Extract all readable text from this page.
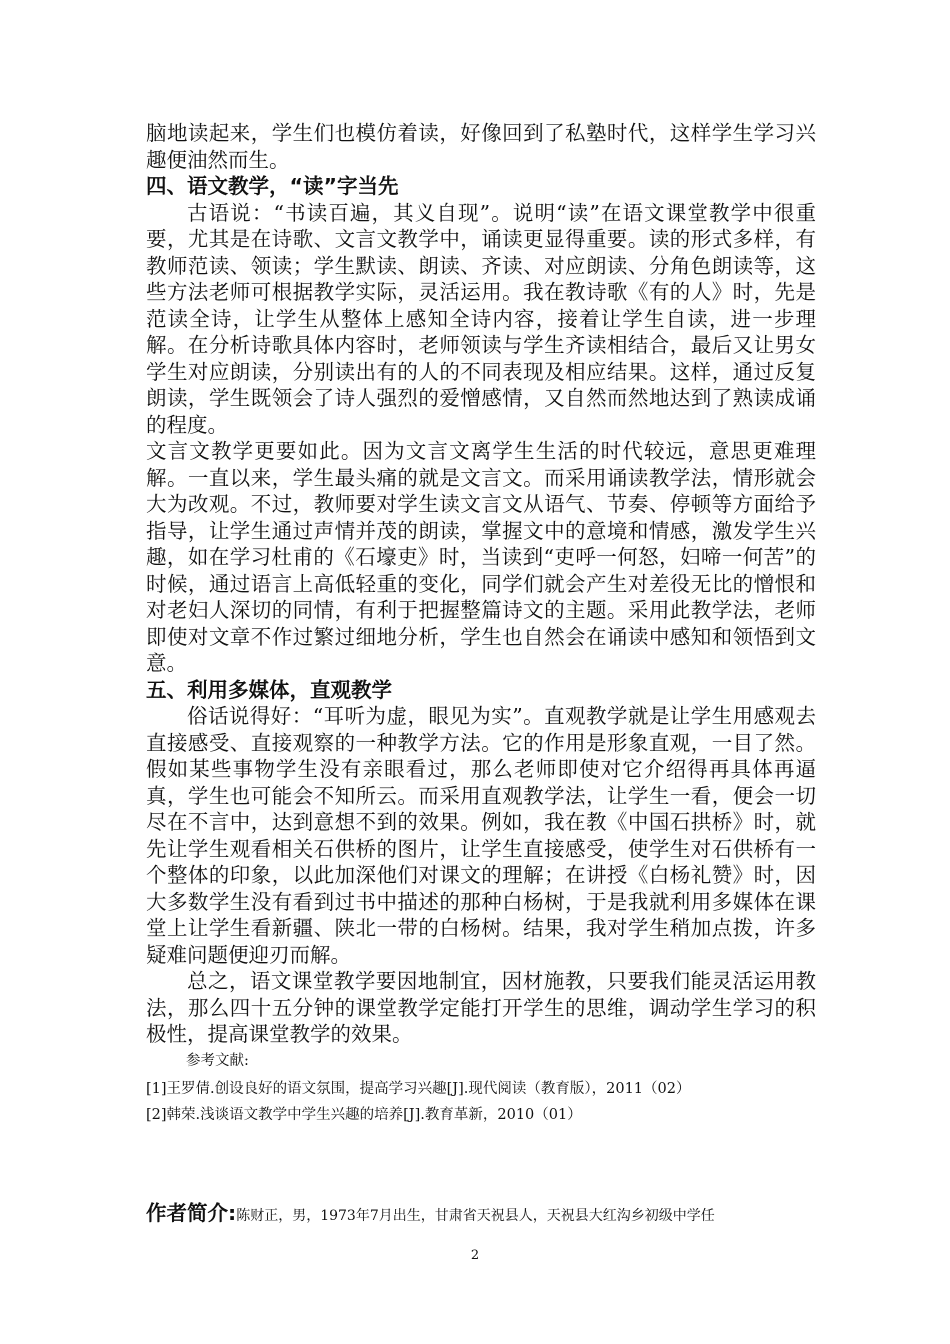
脑地读起来，学生们也模仿着读，好像回到了私塾时代，这样学生学习兴趣便油然而生。

四、语文教学，“读”字当先

古语说：“书读百遍，其义自现”。说明“读”在语文课堂教学中很重要，尤其是在诗歌、文言文教学中，诵读更显得重要。读的形式多样，有教师范读、领读；学生默读、朗读、齐读、对应朗读、分角色朗读等，这些方法老师可根据教学实际，灵活运用。我在教诗歌《有的人》时，先是范读全诗，让学生从整体上感知全诗内容，接着让学生自读，进一步理解。在分析诗歌具体内容时，老师领读与学生齐读相结合，最后又让男女学生对应朗读，分别读出有的人的不同表现及相应结果。这样，通过反复朗读，学生既领会了诗人强烈的爱憎感情，又自然而然地达到了熟读成诵的程度。

文言文教学更要如此。因为文言文离学生生活的时代较远，意思更难理解。一直以来，学生最头痛的就是文言文。而采用诵读教学法，情形就会大为改观。不过，教师要对学生读文言文从语气、节奏、停顿等方面给予指导，让学生通过声情并茂的朗读，掌握文中的意境和情感，激发学生兴趣，如在学习杜甫的《石壕吏》时，当读到“吏呼一何怒，妇啼一何苦”的时候，通过语言上高低轻重的变化，同学们就会产生对差役无比的憎恨和对老妇人深切的同情，有利于把握整篇诗文的主题。采用此教学法，老师即使对文章不作过繁过细地分析，学生也自然会在诵读中感知和领悟到文意。

五、利用多媒体，直观教学

俗话说得好：“耳听为虚，眼见为实”。直观教学就是让学生用感观去直接感受、直接观察的一种教学方法。它的作用是形象直观，一目了然。假如某些事物学生没有亲眼看过，那么老师即使对它介绍得再具体再逼真，学生也可能会不知所云。而采用直观教学法，让学生一看，便会一切尽在不言中，达到意想不到的效果。例如，我在教《中国石拱桥》时，就先让学生观看相关石供桥的图片，让学生直接感受，使学生对石供桥有一个整体的印象，以此加深他们对课文的理解；在讲授《白杨礼赞》时，因大多数学生没有看到过书中描述的那种白杨树，于是我就利用多媒体在课堂上让学生看新疆、陕北一带的白杨树。结果，我对学生稍加点拨，许多疑难问题便迎刃而解。

总之，语文课堂教学要因地制宜，因材施教，只要我们能灵活运用教法，那么四十五分钟的课堂教学定能打开学生的思维，调动学生学习的积极性，提高课堂教学的效果。

参考文献:

[1]王罗倩.创设良好的语文氛围，提高学习兴趣[J].现代阅读（教育版），2011（02）

[2]韩荣.浅谈语文教学中学生兴趣的培养[J].教育革新，2010（01）

作者简介:陈财正，男，1973年7月出生，甘肃省天祝县人，天祝县大红沟乡初级中学任
2
